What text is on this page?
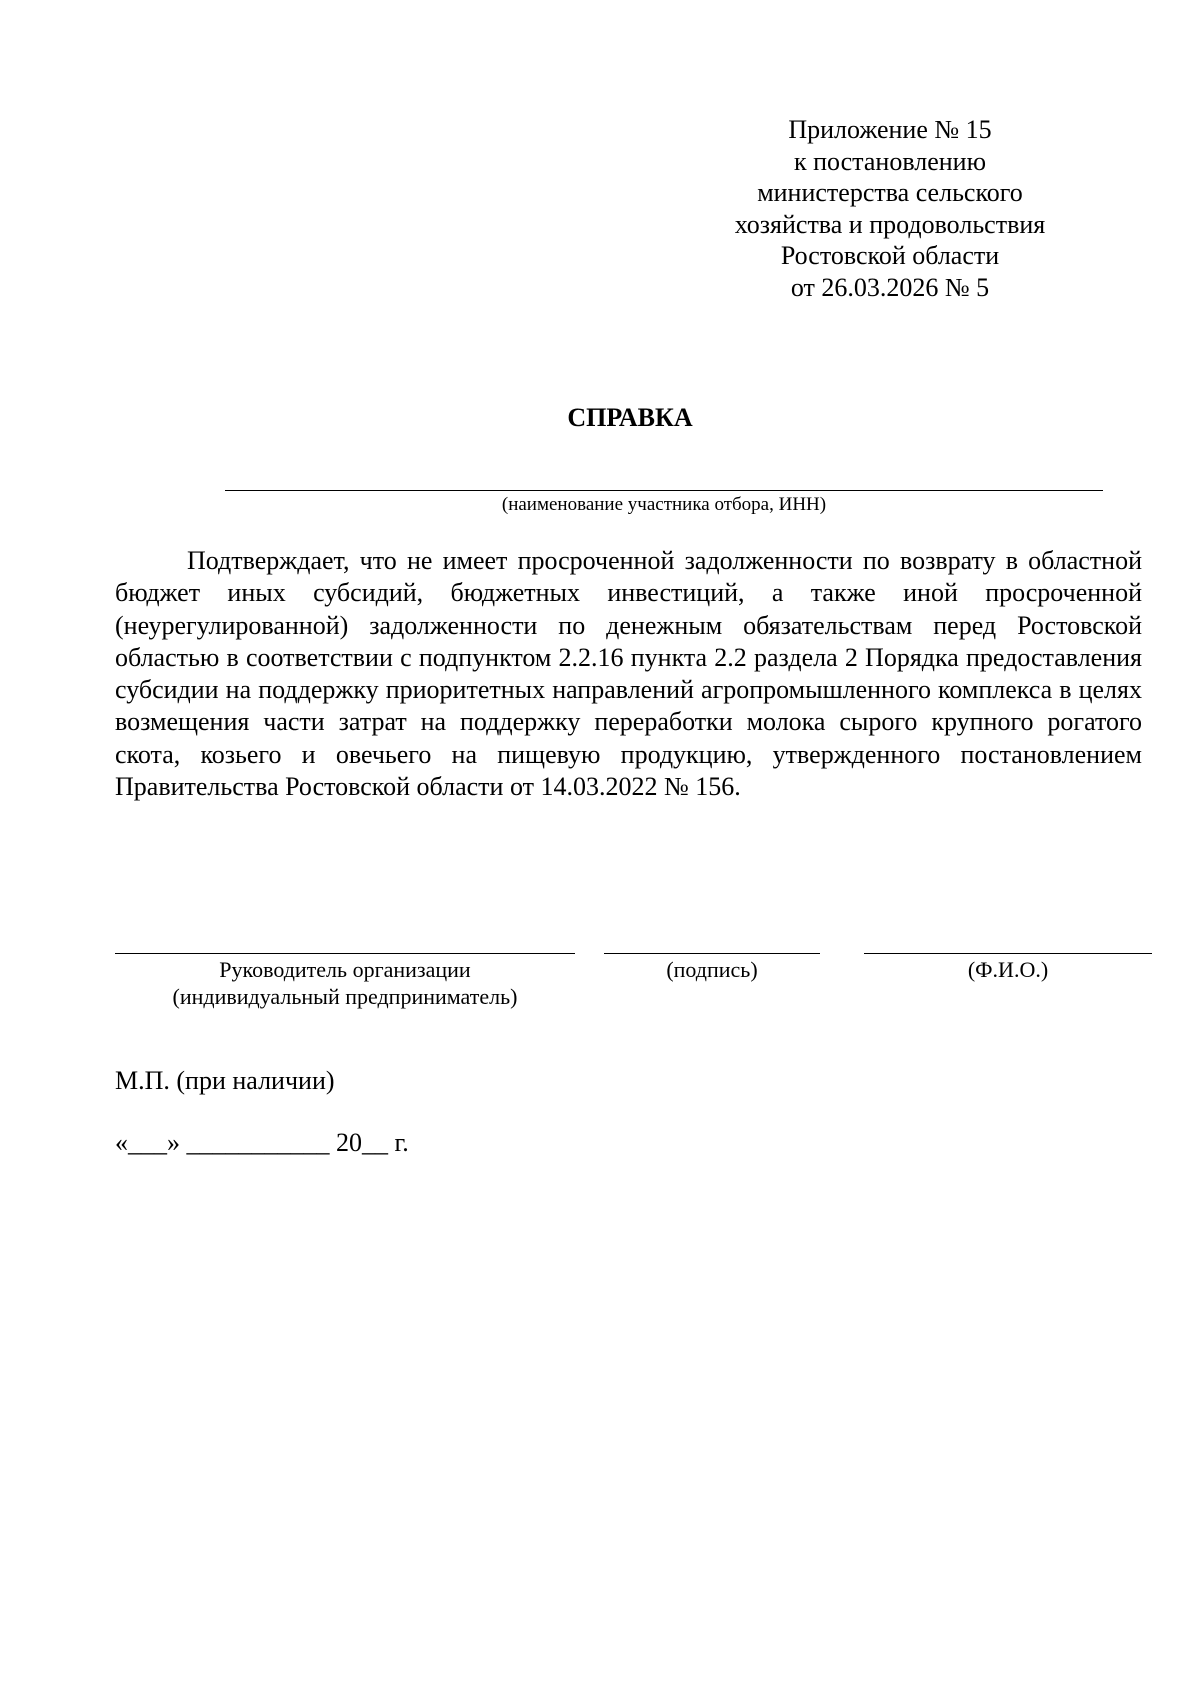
Приложение № 15
к постановлению
министерства сельского
хозяйства и продовольствия
Ростовской области
от 26.03.2026 № 5
СПРАВКА
(наименование участника отбора, ИНН)
Подтверждает, что не имеет просроченной задолженности по возврату в областной бюджет иных субсидий, бюджетных инвестиций, а также иной просроченной (неурегулированной) задолженности по денежным обязательствам перед Ростовской областью в соответствии с подпунктом 2.2.16 пункта 2.2 раздела 2 Порядка предоставления субсидии на поддержку приоритетных направлений агропромышленного комплекса в целях возмещения части затрат на поддержку переработки молока сырого крупного рогатого скота, козьего и овечьего на пищевую продукцию, утвержденного постановлением Правительства Ростовской области от 14.03.2022 № 156.
Руководитель организации
(индивидуальный предприниматель)
(подпись)	(Ф.И.О.)
М.П. (при наличии)
«___» ___________ 20__ г.
